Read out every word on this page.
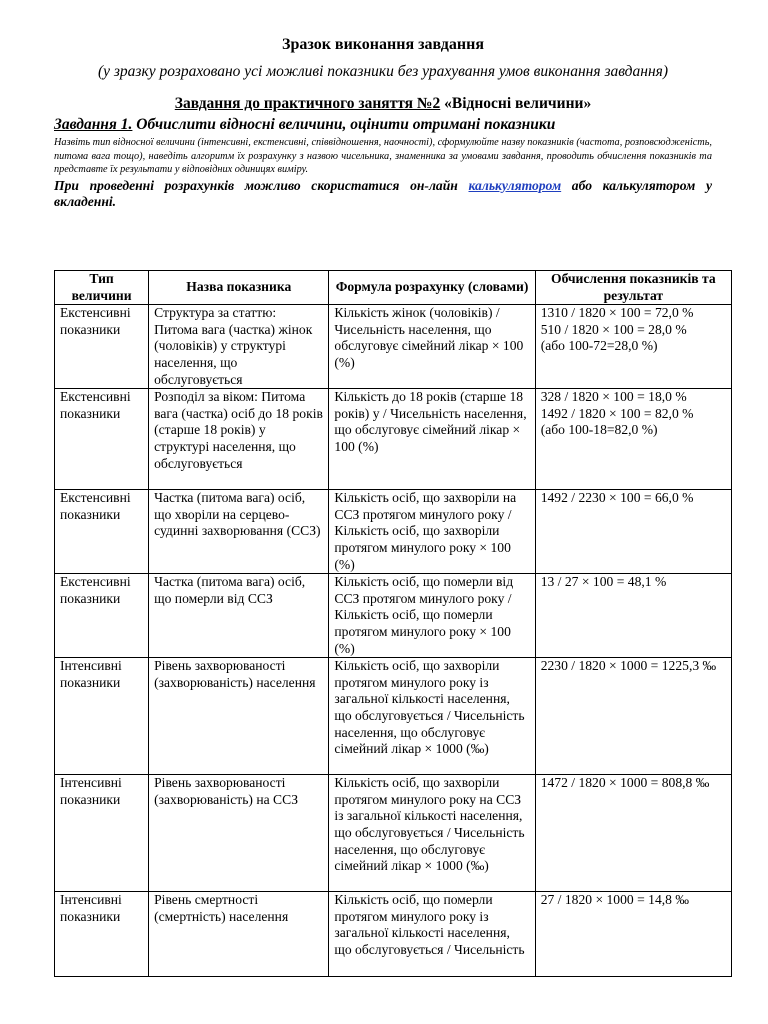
Зразок виконання завдання

(у зразку розраховано усі можливі показники без урахування умов виконання завдання)

Завдання до практичного заняття №2 «Відносні величини»

Завдання 1. Обчислити відносні величини, оцінити отримані показники

Назвіть тип відносної величини (інтенсивні, екстенсивні, співвідношення, наочності), сформулюйте назву показників (частота, розповсюдженість, питома вага тощо), наведіть алгоритм їх розрахунку з назвою чисельника, знаменника за умовами завдання, проводить обчислення показників та представте їх результати у відповідних одиницях виміру.

При проведенні розрахунків можливо скористатися он-лайн калькулятором або калькулятором у вкладенні.

Тип величини	Назва показника	Формула розрахунку (словами)	Обчислення показників та результат
Екстенсивні показники	Структура за статтю: Питома вага (частка) жінок (чоловіків) у структурі населення, що обслуговується	Кількість жінок (чоловіків) / Чисельність населення, що обслуговує сімейний лікар × 100 (%)	1310 / 1820 × 100 = 72,0 %
510 / 1820 × 100 = 28,0 %
(або 100-72=28,0 %)

Екстенсивні показники	Розподіл за віком: Питома вага (частка) осіб до 18 років (старше 18 років) у структурі населення, що обслуговується	Кількість до 18 років (старше 18 років) у / Чисельність населення, що обслуговує сімейний лікар × 100 (%)	328 / 1820 × 100 = 18,0 %
1492 / 1820 × 100 = 82,0 %
(або 100-18=82,0 %)

Екстенсивні показники	Частка (питома вага) осіб, що хворіли на серцево-судинні захворювання (ССЗ)	Кількість осіб, що захворіли на ССЗ протягом минулого року / Кількість осіб, що захворіли протягом минулого року × 100 (%)	1492 / 2230 × 100 = 66,0 %

Екстенсивні показники	Частка (питома вага) осіб, що померли від ССЗ	Кількість осіб, що померли від ССЗ протягом минулого року / Кількість осіб, що померли протягом минулого року × 100 (%)	13 / 27 × 100 = 48,1 %

Інтенсивні показники	Рівень захворюваності (захворюваність) населення	Кількість осіб, що захворіли протягом минулого року із загальної кількості населення, що обслуговується / Чисельність населення, що обслуговує сімейний лікар × 1000 (‰)	2230 / 1820 × 1000 = 1225,3 ‰

Інтенсивні показники	Рівень захворюваності (захворюваність) на ССЗ	Кількість осіб, що захворіли протягом минулого року на ССЗ із загальної кількості населення, що обслуговується / Чисельність населення, що обслуговує сімейний лікар × 1000 (‰)	1472 / 1820 × 1000 = 808,8 ‰

Інтенсивні показники	Рівень смертності (смертність) населення	Кількість осіб, що померли протягом минулого року із загальної кількості населення, що обслуговується / Чисельність	27 / 1820 × 1000 = 14,8 ‰
